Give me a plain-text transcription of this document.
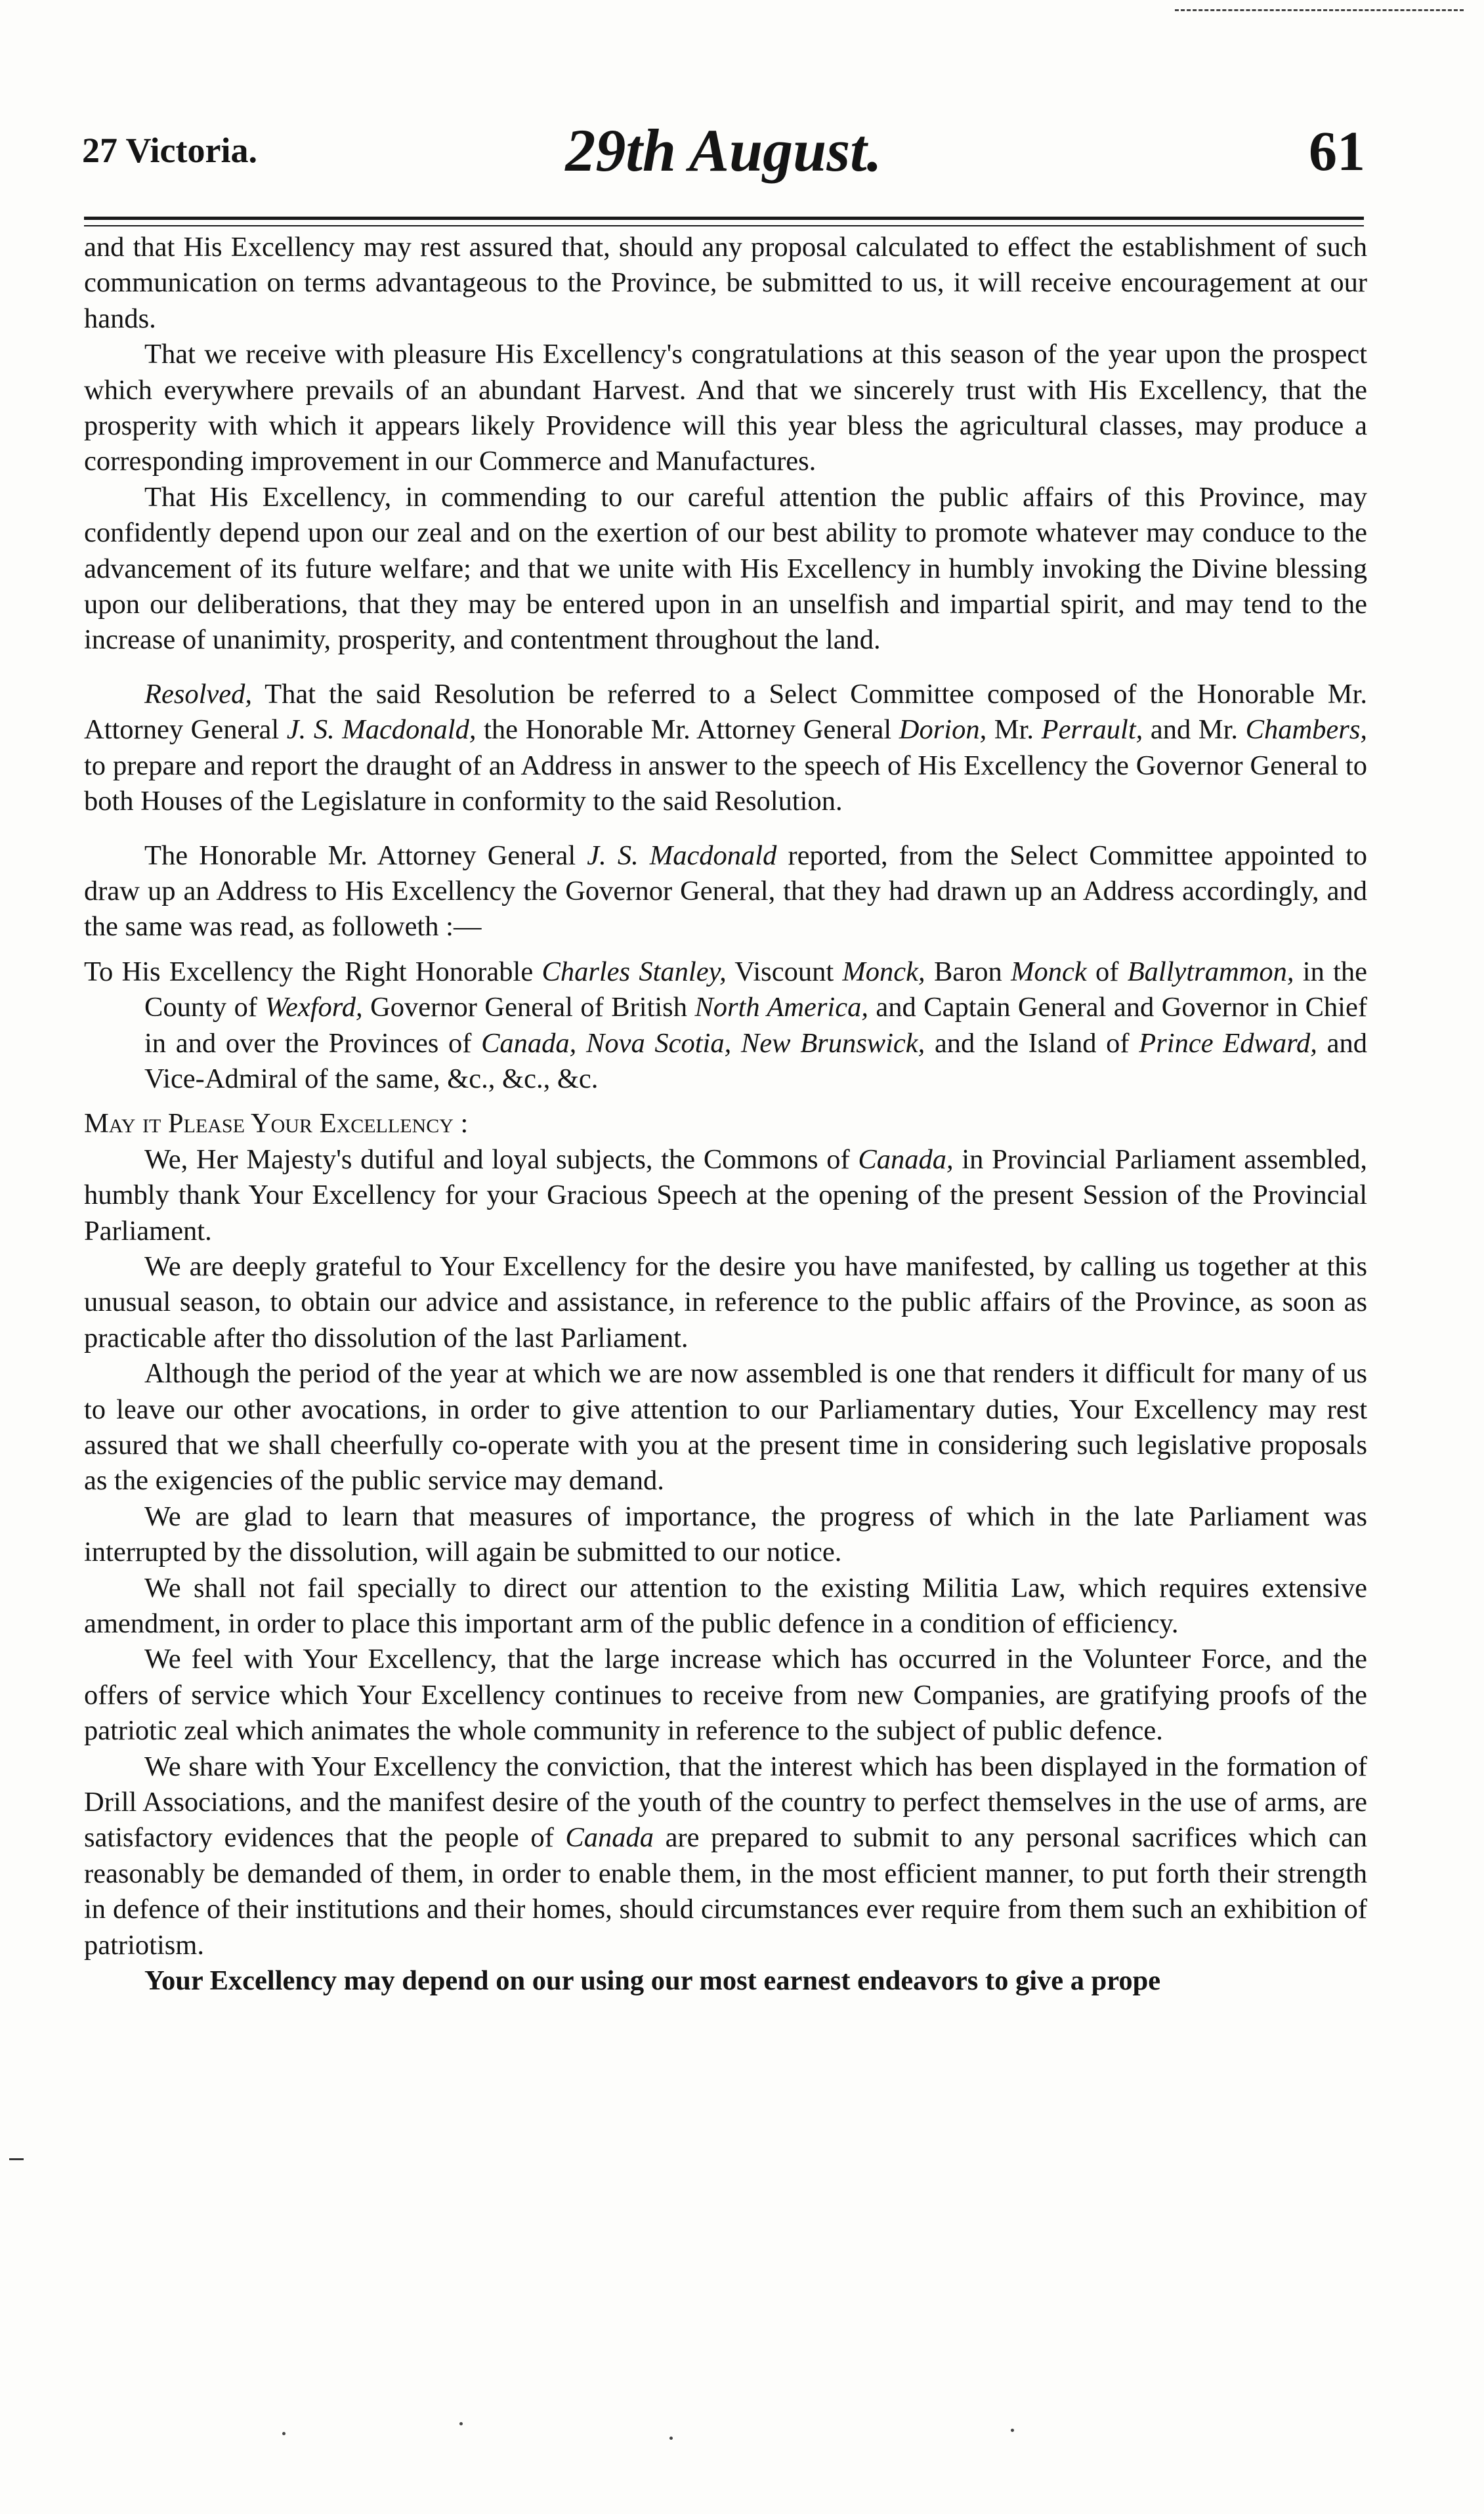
27 Victoria.	29th August.	61

and that His Excellency may rest assured that, should any proposal calculated to effect the establishment of such communication on terms advantageous to the Province, be submitted to us, it will receive encouragement at our hands.

That we receive with pleasure His Excellency's congratulations at this season of the year upon the prospect which everywhere prevails of an abundant Harvest. And that we sincerely trust with His Excellency, that the prosperity with which it appears likely Providence will this year bless the agricultural classes, may produce a corresponding improvement in our Commerce and Manufactures.

That His Excellency, in commending to our careful attention the public affairs of this Province, may confidently depend upon our zeal and on the exertion of our best ability to promote whatever may conduce to the advancement of its future welfare; and that we unite with His Excellency in humbly invoking the Divine blessing upon our deliberations, that they may be entered upon in an unselfish and impartial spirit, and may tend to the increase of unanimity, prosperity, and contentment throughout the land.

Resolved, That the said Resolution be referred to a Select Committee composed of the Honorable Mr. Attorney General J. S. Macdonald, the Honorable Mr. Attorney General Dorion, Mr. Perrault, and Mr. Chambers, to prepare and report the draught of an Address in answer to the speech of His Excellency the Governor General to both Houses of the Legislature in conformity to the said Resolution.

The Honorable Mr. Attorney General J. S. Macdonald reported, from the Select Committee appointed to draw up an Address to His Excellency the Governor General, that they had drawn up an Address accordingly, and the same was read, as followeth :—

To His Excellency the Right Honorable Charles Stanley, Viscount Monck, Baron Monck of Ballytrammon, in the County of Wexford, Governor General of British North America, and Captain General and Governor in Chief in and over the Provinces of Canada, Nova Scotia, New Brunswick, and the Island of Prince Edward, and Vice-Admiral of the same, &c., &c., &c.

May it Please Your Excellency :

We, Her Majesty's dutiful and loyal subjects, the Commons of Canada, in Provincial Parliament assembled, humbly thank Your Excellency for your Gracious Speech at the opening of the present Session of the Provincial Parliament.

We are deeply grateful to Your Excellency for the desire you have manifested, by calling us together at this unusual season, to obtain our advice and assistance, in reference to the public affairs of the Province, as soon as practicable after tho dissolution of the last Parliament.

Although the period of the year at which we are now assembled is one that renders it difficult for many of us to leave our other avocations, in order to give attention to our Parliamentary duties, Your Excellency may rest assured that we shall cheerfully co-operate with you at the present time in considering such legislative proposals as the exigencies of the public service may demand.

We are glad to learn that measures of importance, the progress of which in the late Parliament was interrupted by the dissolution, will again be submitted to our notice.

We shall not fail specially to direct our attention to the existing Militia Law, which requires extensive amendment, in order to place this important arm of the public defence in a condition of efficiency.

We feel with Your Excellency, that the large increase which has occurred in the Volunteer Force, and the offers of service which Your Excellency continues to receive from new Companies, are gratifying proofs of the patriotic zeal which animates the whole community in reference to the subject of public defence.

We share with Your Excellency the conviction, that the interest which has been displayed in the formation of Drill Associations, and the manifest desire of the youth of the country to perfect themselves in the use of arms, are satisfactory evidences that the people of Canada are prepared to submit to any personal sacrifices which can reasonably be demanded of them, in order to enable them, in the most efficient manner, to put forth their strength in defence of their institutions and their homes, should circumstances ever require from them such an exhibition of patriotism.

Your Excellency may depend on our using our most earnest endeavors to give a prope
